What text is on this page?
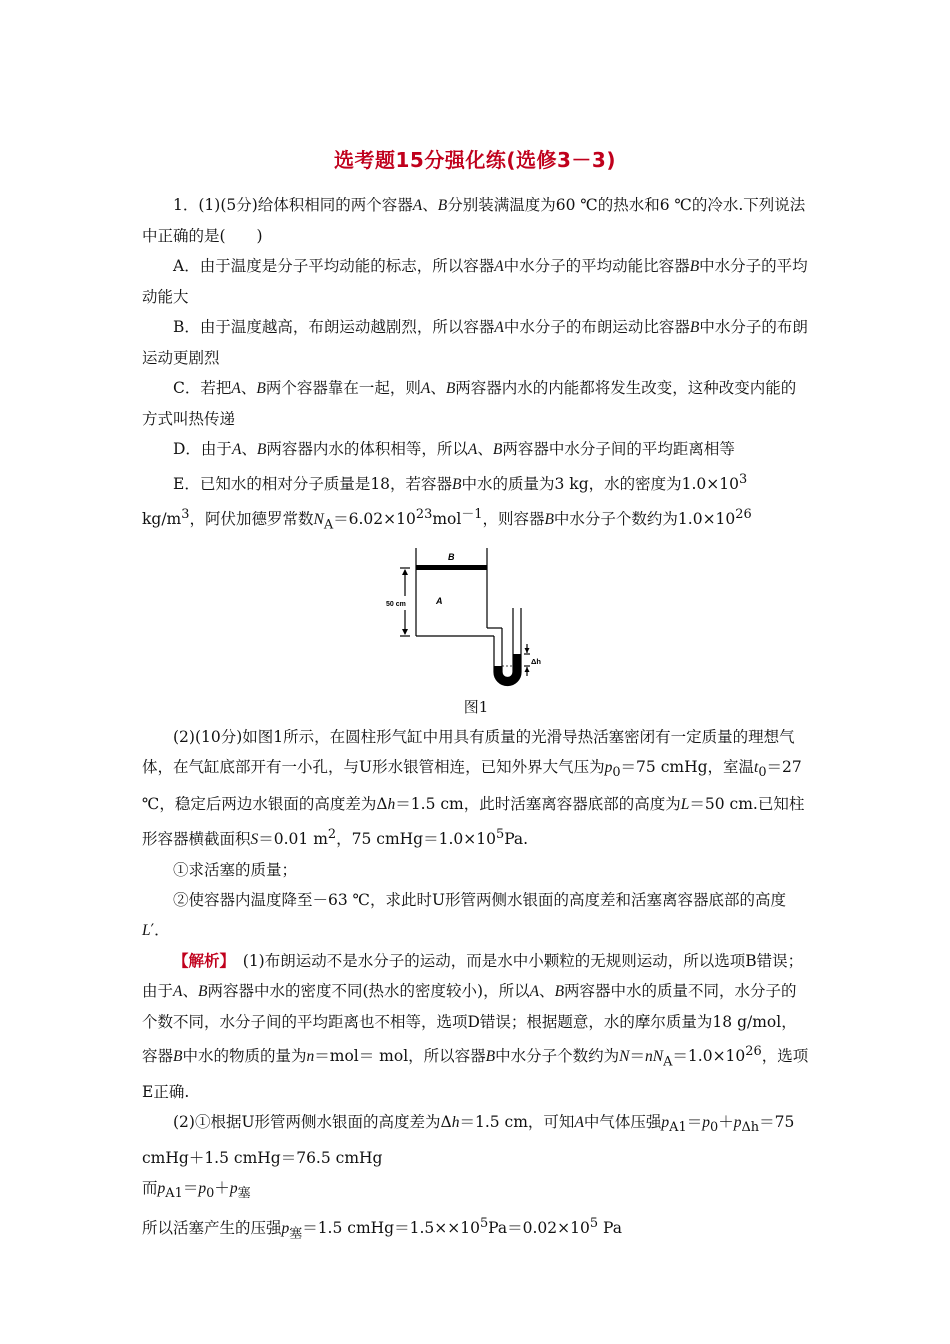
选考题15分强化练(选修3－3)

1．(1)(5分)给体积相同的两个容器A、B分别装满温度为60 ℃的热水和6 ℃的冷水.下列说法中正确的是(　　)

A．由于温度是分子平均动能的标志，所以容器A中水分子的平均动能比容器B中水分子的平均动能大

B．由于温度越高，布朗运动越剧烈，所以容器A中水分子的布朗运动比容器B中水分子的布朗运动更剧烈

C．若把A、B两个容器靠在一起，则A、B两容器内水的内能都将发生改变，这种改变内能的方式叫热传递

D．由于A、B两容器内水的体积相等，所以A、B两容器中水分子间的平均距离相等

E．已知水的相对分子质量是18，若容器B中水的质量为3 kg，水的密度为$1.0\times 10^3$ $kg/m^3$，阿伏加德罗常数$N_A=6.02\times 10^{23}mol^{-1}$，则容器B中水分子个数约为$1.0\times 10^{26}$

B
A
50 cm
Δh
图1

(2)(10分)如图1所示，在圆柱形气缸中用具有质量的光滑导热活塞密闭有一定质量的理想气体，在气缸底部开有一小孔，与U形水银管相连，已知外界大气压为$p_0=75$ cmHg，室温$t_0=27$ ℃，稳定后两边水银面的高度差为Δh＝1.5 cm，此时活塞离容器底部的高度为L＝50 cm.已知柱形容器横截面积S＝0.01 $m^2$，75 $cmHg=1.0\times 10^5Pa$.

①求活塞的质量；

②使容器内温度降至－63 ℃，求此时U形管两侧水银面的高度差和活塞离容器底部的高度L′．

【解析】　(1)布朗运动不是水分子的运动，而是水中小颗粒的无规则运动，所以选项B错误；由于A、B两容器中水的密度不同(热水的密度较小)，所以A、B两容器中水的质量不同，水分子的个数不同，水分子间的平均距离也不相等，选项D错误；根据题意，水的摩尔质量为18 g/mol，容器B中水的物质的量为n＝mol＝ mol，所以容器B中水分子个数约为$N=nN_A=1.0\times 10^{26}$，选项E正确.

(2)①根据U形管两侧水银面的高度差为Δh＝1.5 cm，可知A中气体压强$p_{A1}=p_0+p_{\Delta h}=75$ cmHg＋1.5 cmHg＝76.5 cmHg

而$p_{A1}=p_0+p_塞$

所以活塞产生的压强$p_塞=1.5$ $cmHg=1.5\times\times 10^5Pa=0.02\times 10^5$ Pa
